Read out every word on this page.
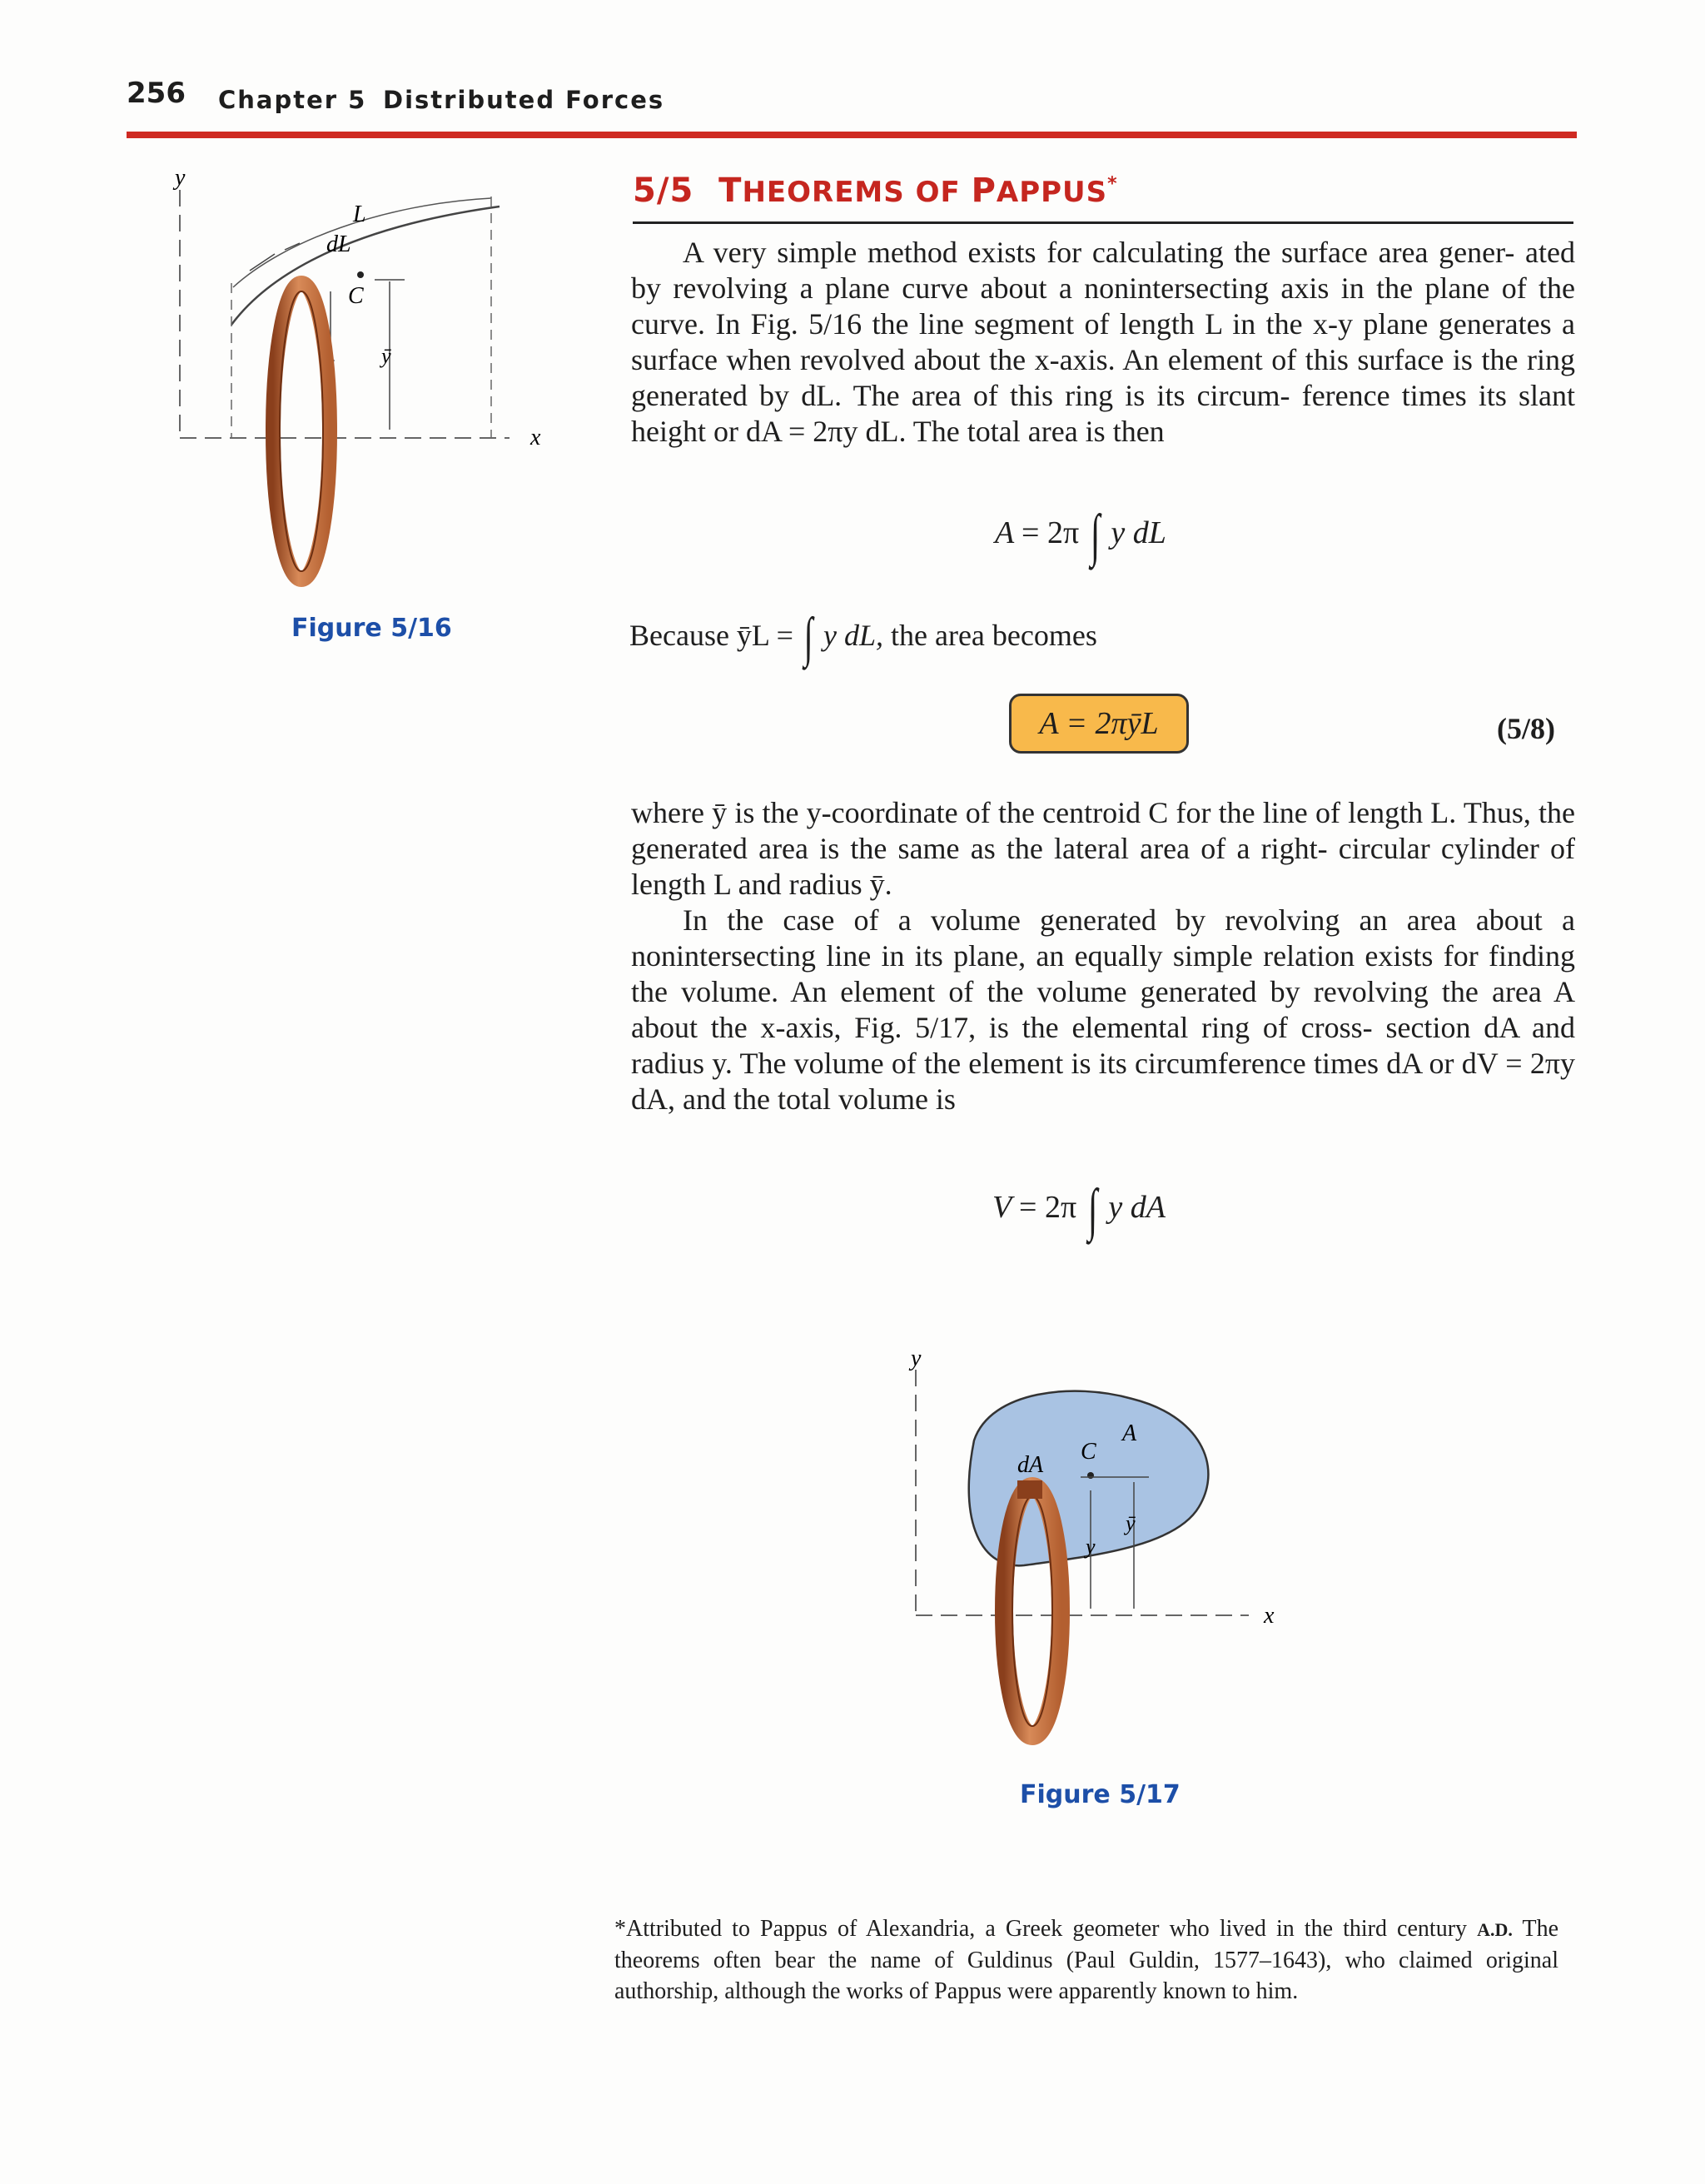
256 Chapter 5 Distributed Forces
5/5 THEOREMS OF PAPPUS*

A very simple method exists for calculating the surface area gener- ated by revolving a plane curve about a nonintersecting axis in the plane of the curve. In Fig. 5/16 the line segment of length L in the x-y plane generates a surface when revolved about the x-axis. An element of this surface is the ring generated by dL. The area of this ring is its circum- ference times its slant height or dA = 2πy dL. The total area is then

A = 2π ∫ y dL
Because ȳL = ∫ y dL, the area becomes
A = 2πȳL	(5/8)

where ȳ is the y-coordinate of the centroid C for the line of length L. Thus, the generated area is the same as the lateral area of a right- circular cylinder of length L and radius ȳ.

In the case of a volume generated by revolving an area about a nonintersecting line in its plane, an equally simple relation exists for finding the volume. An element of the volume generated by revolving the area A about the x-axis, Fig. 5/17, is the elemental ring of cross- section dA and radius y. The volume of the element is its circumference times dA or dV = 2πy dA, and the total volume is

V = 2π ∫ y dA
y
x
L
dL
C
y ȳ
Figure 5/16
y
x
A
dA
C
y
ȳ
Figure 5/17
*Attributed to Pappus of Alexandria, a Greek geometer who lived in the third century A.D. The theorems often bear the name of Guldinus (Paul Guldin, 1577–1643), who claimed original authorship, although the works of Pappus were apparently known to him.
